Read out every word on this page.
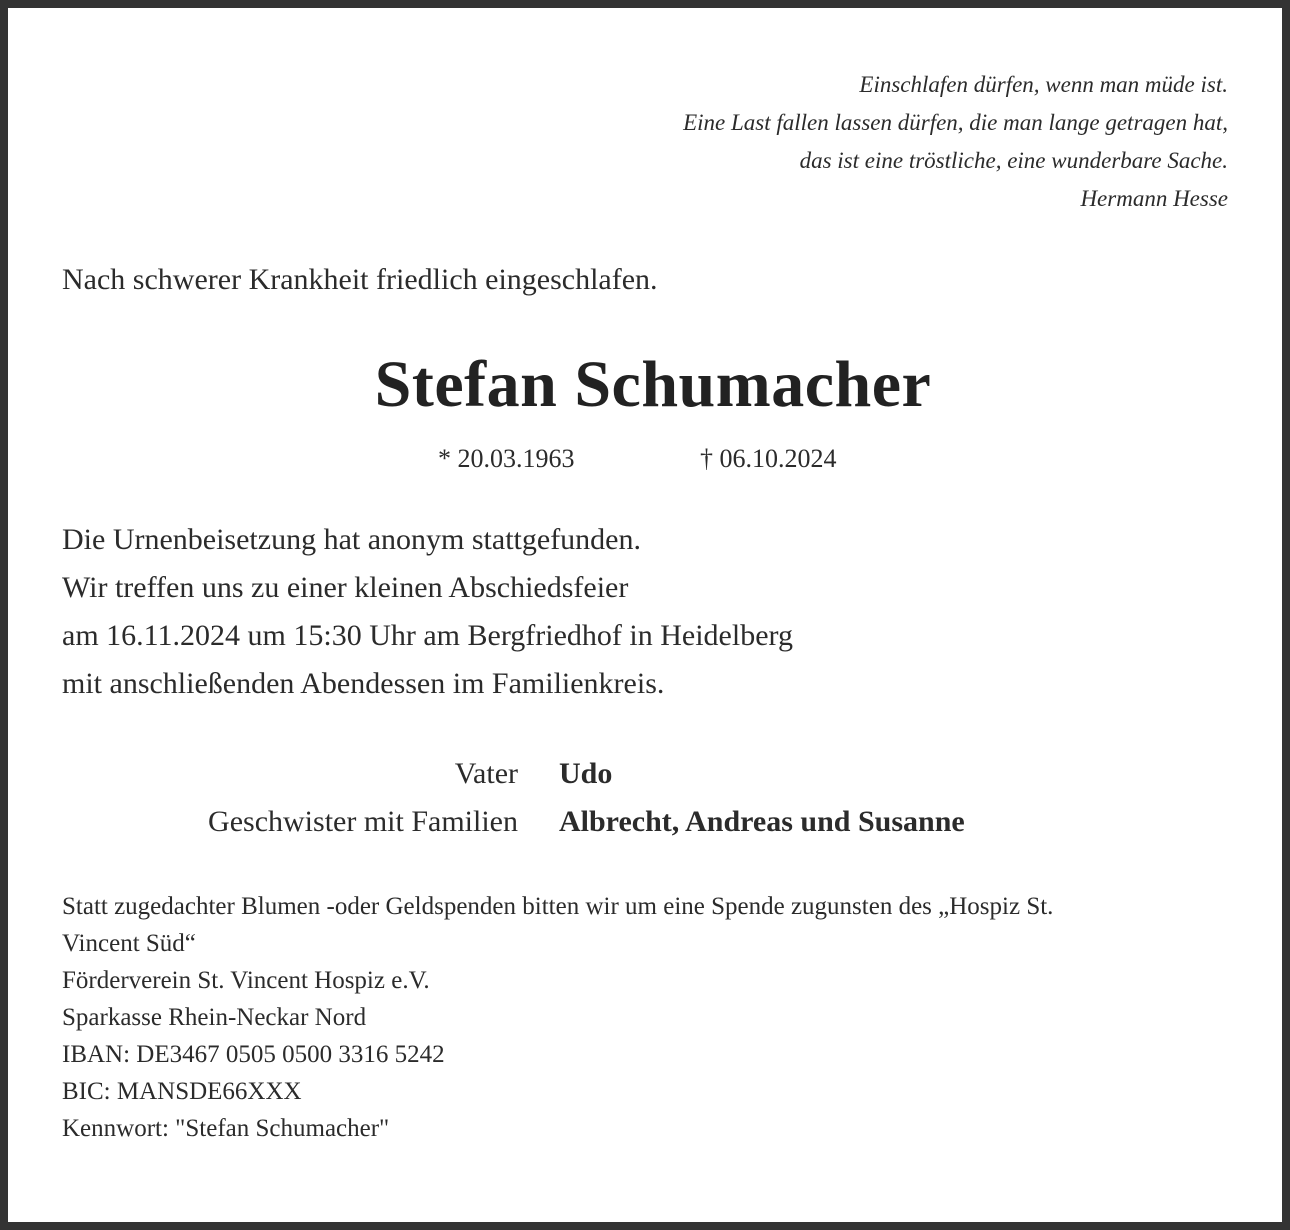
Einschlafen dürfen, wenn man müde ist.
Eine Last fallen lassen dürfen, die man lange getragen hat,
das ist eine tröstliche, eine wunderbare Sache.
Hermann Hesse
Nach schwerer Krankheit friedlich eingeschlafen.
Stefan Schumacher
* 20.03.1963	† 06.10.2024
Die Urnenbeisetzung hat anonym stattgefunden.
Wir treffen uns zu einer kleinen Abschiedsfeier
am 16.11.2024 um 15:30 Uhr am Bergfriedhof in Heidelberg
mit anschließenden Abendessen im Familienkreis.
Vater Udo
Geschwister mit Familien Albrecht, Andreas und Susanne
Statt zugedachter Blumen -oder Geldspenden bitten wir um eine Spende zugunsten des „Hospiz St.
Vincent Süd“
Förderverein St. Vincent Hospiz e.V.
Sparkasse Rhein-Neckar Nord
IBAN: DE3467 0505 0500 3316 5242
BIC: MANSDE66XXX
Kennwort: "Stefan Schumacher"
